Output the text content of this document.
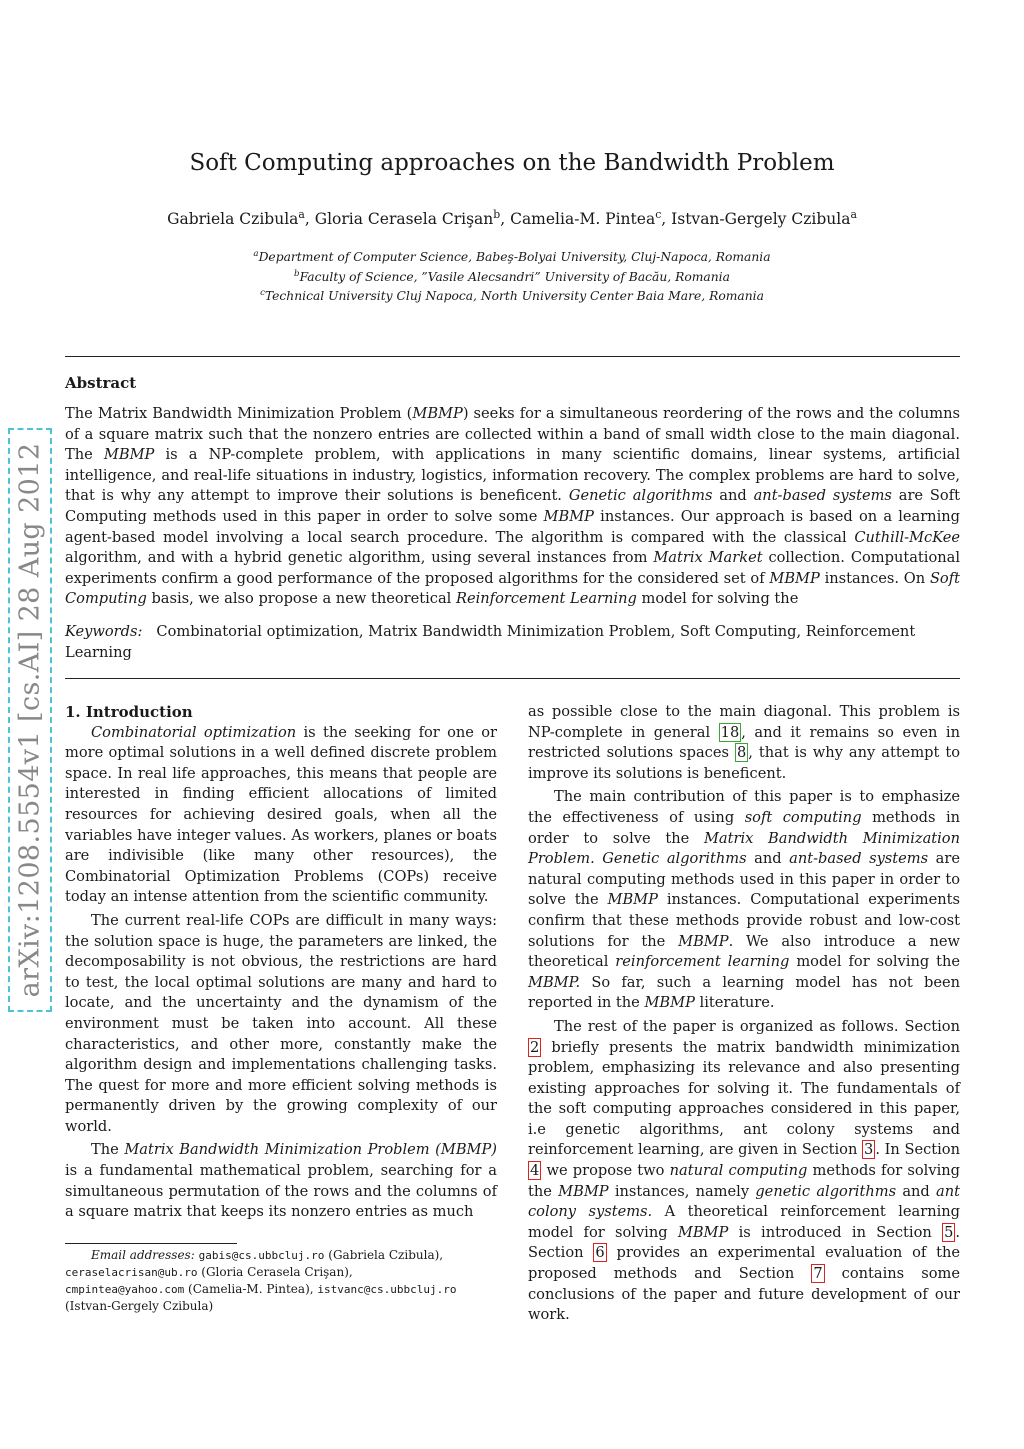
arXiv:1208.5554v1 [cs.AI] 28 Aug 2012
Soft Computing approaches on the Bandwidth Problem
Gabriela Czibula$^a$, Gloria Cerasela Crişan$^b$, Camelia-M. Pintea$^c$, Istvan-Gergely Czibula$^a$
$^a$Department of Computer Science, Babeş-Bolyai University, Cluj-Napoca, Romania
$^b$Faculty of Science, ”Vasile Alecsandri” University of Bacău, Romania
$^c$Technical University Cluj Napoca, North University Center Baia Mare, Romania
Abstract
The Matrix Bandwidth Minimization Problem (MBMP) seeks for a simultaneous reordering of the rows and the columns of a square matrix such that the nonzero entries are collected within a band of small width close to the main diagonal. The MBMP is a NP-complete problem, with applications in many scientific domains, linear systems, artificial intelligence, and real-life situations in industry, logistics, information recovery. The complex problems are hard to solve, that is why any attempt to improve their solutions is beneficent. Genetic algorithms and ant-based systems are Soft Computing methods used in this paper in order to solve some MBMP instances. Our approach is based on a learning agent-based model involving a local search procedure. The algorithm is compared with the classical Cuthill-McKee algorithm, and with a hybrid genetic algorithm, using several instances from Matrix Market collection. Computational experiments confirm a good performance of the proposed algorithms for the considered set of MBMP instances. On Soft Computing basis, we also propose a new theoretical Reinforcement Learning model for solving the
Keywords: Combinatorial optimization, Matrix Bandwidth Minimization Problem, Soft Computing, Reinforcement Learning

1. Introduction

Combinatorial optimization is the seeking for one or more optimal solutions in a well defined discrete problem space. In real life approaches, this means that people are interested in finding efficient allocations of limited resources for achieving desired goals, when all the variables have integer values. As workers, planes or boats are indivisible (like many other resources), the Combinatorial Optimization Problems (COPs) receive today an intense attention from the scientific community.

The current real-life COPs are difficult in many ways: the solution space is huge, the parameters are linked, the decomposability is not obvious, the restrictions are hard to test, the local optimal solutions are many and hard to locate, and the uncertainty and the dynamism of the environment must be taken into account. All these characteristics, and other more, constantly make the algorithm design and implementations challenging tasks. The quest for more and more efficient solving methods is permanently driven by the growing complexity of our world.

The Matrix Bandwidth Minimization Problem (MBMP) is a fundamental mathematical problem, searching for a simultaneous permutation of the rows and the columns of a square matrix that keeps its nonzero entries as much

as possible close to the main diagonal. This problem is NP-complete in general 18 , and it remains so even in restricted solutions spaces 8 , that is why any attempt to improve its solutions is beneficent.

The main contribution of this paper is to emphasize the effectiveness of using soft computing methods in order to solve the Matrix Bandwidth Minimization Problem. Genetic algorithms and ant-based systems are natural computing methods used in this paper in order to solve the MBMP instances. Computational experiments confirm that these methods provide robust and low-cost solutions for the MBMP. We also introduce a new theoretical reinforcement learning model for solving the MBMP. So far, such a learning model has not been reported in the MBMP literature.

The rest of the paper is organized as follows. Section 2 briefly presents the matrix bandwidth minimization problem, emphasizing its relevance and also presenting existing approaches for solving it. The fundamentals of the soft computing approaches considered in this paper, i.e genetic algorithms, ant colony systems and reinforcement learning, are given in Section 3 . In Section 4 we propose two natural computing methods for solving the MBMP instances, namely genetic algorithms and ant colony systems. A theoretical reinforcement learning model for solving MBMP is introduced in Section 5 . Section 6 provides an experimental evaluation of the proposed methods and Section 7 contains some conclusions of the paper and future development of our work.

Email addresses: gabis@cs.ubbcluj.ro (Gabriela Czibula),
ceraselacrisan@ub.ro (Gloria Cerasela Crişan),
cmpintea@yahoo.com (Camelia-M. Pintea), istvanc@cs.ubbcluj.ro
(Istvan-Gergely Czibula)
